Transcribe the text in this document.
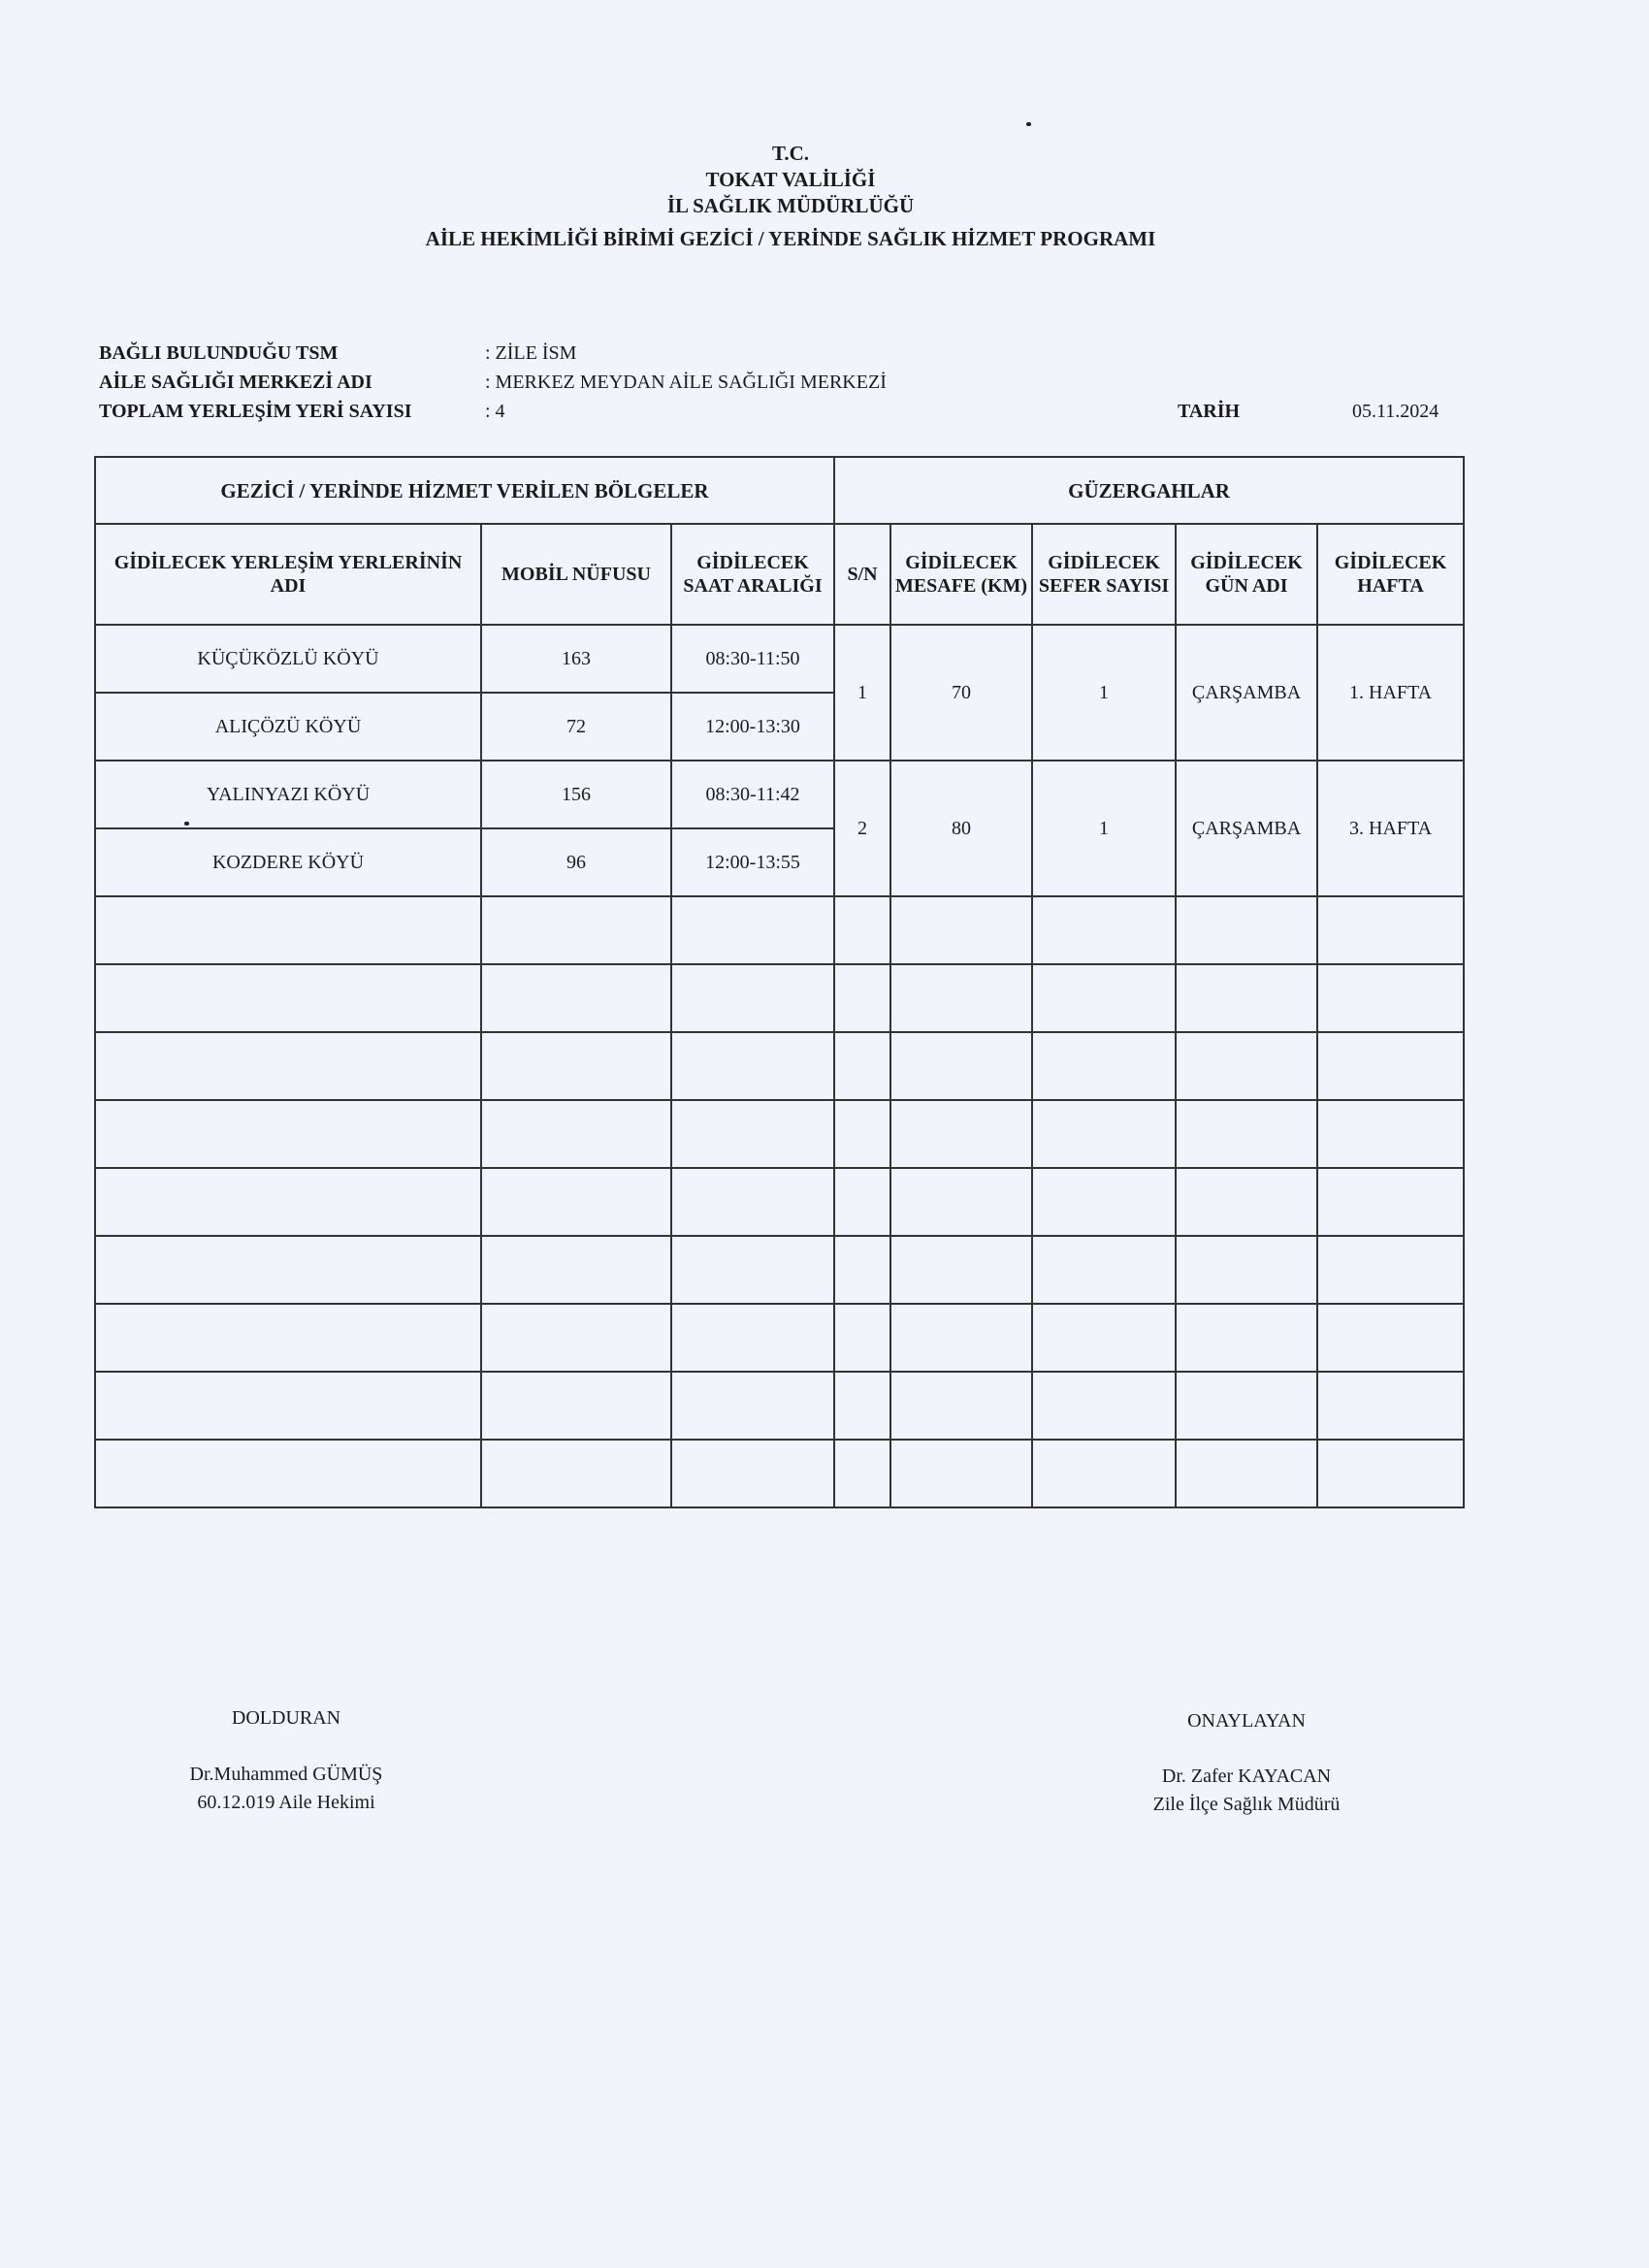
T.C.
TOKAT VALİLİĞİ
İL SAĞLIK MÜDÜRLÜĞÜ
AİLE HEKİMLİĞİ BİRİMİ GEZİCİ / YERİNDE SAĞLIK HİZMET PROGRAMI
BAĞLI BULUNDUĞU TSM	: ZİLE İSM
AİLE SAĞLIĞI MERKEZİ ADI	: MERKEZ MEYDAN AİLE SAĞLIĞI MERKEZİ
TOPLAM YERLEŞİM YERİ SAYISI	: 4	TARİH	05.11.2024
GEZİCİ / YERİNDE HİZMET VERİLEN BÖLGELER			GÜZERGAHLAR				
GİDİLECEK YERLEŞİM YERLERİNİN ADI	MOBİL NÜFUSU	GİDİLECEK SAAT ARALIĞI	S/N	GİDİLECEK MESAFE (KM)	GİDİLECEK SEFER SAYISI	GİDİLECEK GÜN ADI	GİDİLECEK HAFTA
KÜÇÜKÖZLÜ KÖYÜ	163	08:30-11:50	1	70	1	ÇARŞAMBA	1. HAFTA
ALIÇÖZÜ KÖYÜ	72	12:00-13:30					
YALINYAZI KÖYÜ	156	08:30-11:42	2	80	1	ÇARŞAMBA	3. HAFTA
KOZDERE KÖYÜ	96	12:00-13:55					

DOLDURAN
Dr.Muhammed GÜMÜŞ
60.12.019 Aile Hekimi
ONAYLAYAN
Dr. Zafer KAYACAN
Zile İlçe Sağlık Müdürü
